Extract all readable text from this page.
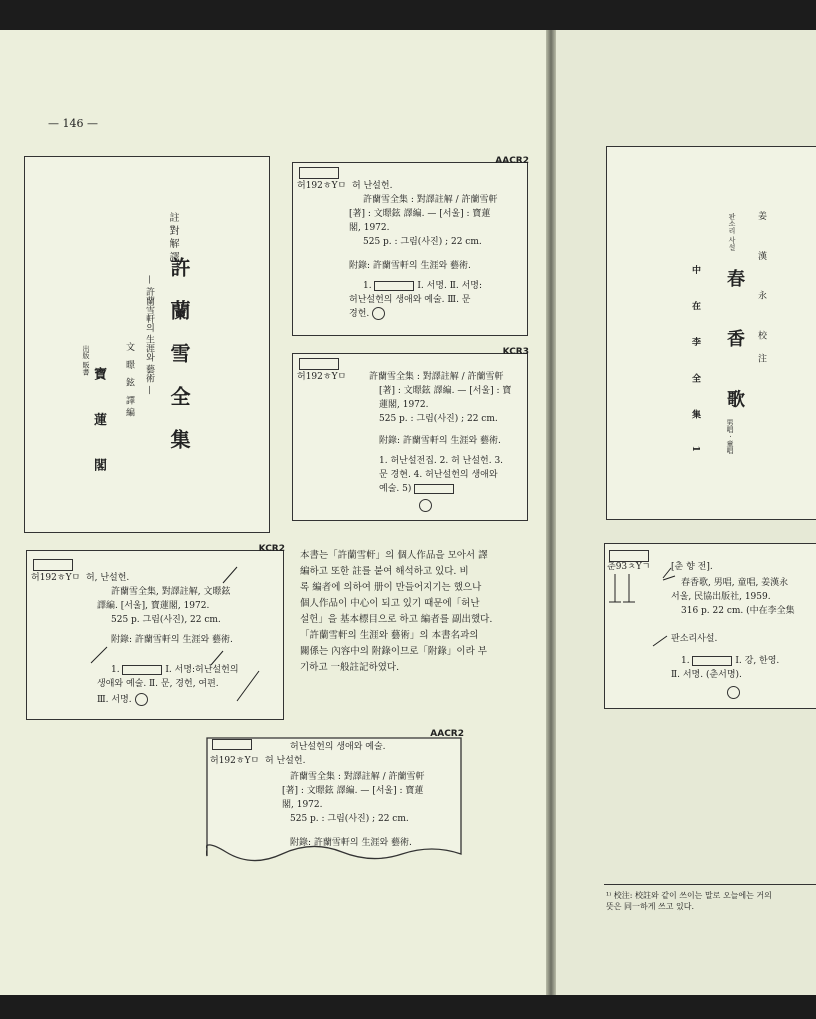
— 146 —
註 對 解 譯
許 蘭 雪 全 集
— 許蘭雪軒의 生涯와 藝術 —
文 暻 鉉 譯編
出版 販書
寶 蓮 閣
AACR2
허192ㅎYㅁ 허 난설헌.
許蘭雪全集 : 對譯註解 / 許蘭雪軒
[著] : 文暻鉉 譯編. — [서울] : 寶蓮
閣, 1972.
525 p. : 그림(사진) ; 22 cm.
附錄: 許蘭雪軒의 生涯와 藝術.
1.	Ⅰ. 서명. Ⅱ. 서명:
허난설헌의 생애와 예술. Ⅲ. 문
경헌.
KCR3
허192ㅎYㅁ	許蘭雪全集 : 對譯註解 / 許蘭雪軒
[著] : 文暻鉉 譯編. — [서울] : 寶
蓮閣, 1972.
525 p. : 그림(사진) ; 22 cm.
附錄: 許蘭雪軒의 生涯와 藝術.
1. 허난설전집. 2. 허 난설헌. 3.
문 경현. 4. 허난설헌의 생애와
예술. 5)
KCR2
허192ㅎYㅁ 허, 난설헌.
許蘭雪全集, 對譯註解, 文暻鉉
譯編. [서울], 寶蓮閣, 1972.
525 p. 그림(사진), 22 cm.
附錄: 許蘭雪軒의 生涯와 藝術.
1.	Ⅰ. 서명:허난설헌의
생애와 예술. Ⅱ. 문, 경헌, 여편.
Ⅲ. 서명.
AACR2
허난설헌의 생애와 예술.
허192ㅎYㅁ 허 난설헌.
許蘭雪全集 : 對譯註解 / 許蘭雪軒
[著] : 文暻鉉 譯編. — [서울] : 寶蓮
閣, 1972.
525 p. : 그림(사진) ; 22 cm.
附錄: 許蘭雪軒의 生涯와 藝術.
本書는「許蘭雪軒」의 個人作品을 모아서 譯
編하고 또한 註를 붙여 해석하고 있다. 비
록 編者에 의하여 册이 만들어지기는 했으나
個人作品이 中心이 되고 있기 때문에「허난
설헌」을 基本標目으로 하고 編者를 副出했다.
「許蘭雪軒의 生涯와 藝術」의 本書名과의
關係는 內容中의 附錄이므로「附錄」이라 부
기하고 一般註記하였다.
판소리 사설
春 香 歌
男唱 · 童唱
姜 漢 永 校注
中 在 李 全 集 1
춘93ㅊYㄱ [춘 향 전].
春香歌, 男唱, 童唱, 姜漢永
서울, 民協出版社, 1959.
316 p. 22 cm. (中在李全集
판소리사설.
1.	Ⅰ. 강, 한영.
Ⅱ. 서명. (춘서명).
¹⁾ 校注: 校註와 같이 쓰이는 말로 오늘에는 거의
뜻은 同一하게 쓰고 있다.
